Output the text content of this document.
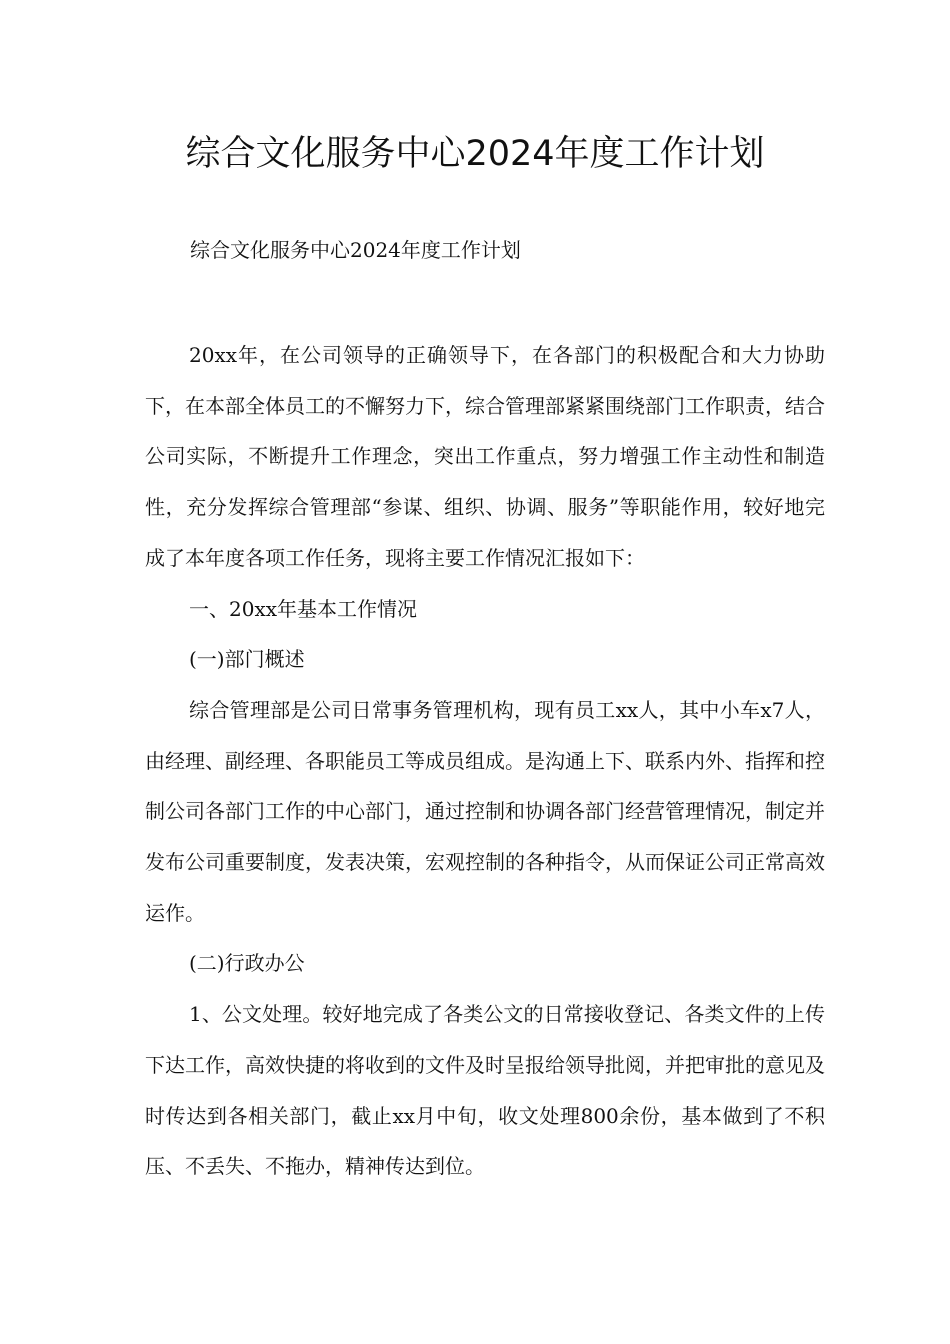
综合文化服务中心2024年度工作计划

综合文化服务中心2024年度工作计划

20xx年，在公司领导的正确领导下，在各部门的积极配合和大力协助下，在本部全体员工的不懈努力下，综合管理部紧紧围绕部门工作职责，结合公司实际，不断提升工作理念，突出工作重点，努力增强工作主动性和制造性，充分发挥综合管理部“参谋、组织、协调、服务”等职能作用，较好地完成了本年度各项工作任务，现将主要工作情况汇报如下：

一、20xx年基本工作情况

(一)部门概述

综合管理部是公司日常事务管理机构，现有员工xx人，其中小车x7人，由经理、副经理、各职能员工等成员组成。是沟通上下、联系内外、指挥和控制公司各部门工作的中心部门，通过控制和协调各部门经营管理情况，制定并发布公司重要制度，发表决策，宏观控制的各种指令，从而保证公司正常高效运作。

(二)行政办公

1、公文处理。较好地完成了各类公文的日常接收登记、各类文件的上传下达工作，高效快捷的将收到的文件及时呈报给领导批阅，并把审批的意见及时传达到各相关部门，截止xx月中旬，收文处理800余份，基本做到了不积压、不丢失、不拖办，精神传达到位。
